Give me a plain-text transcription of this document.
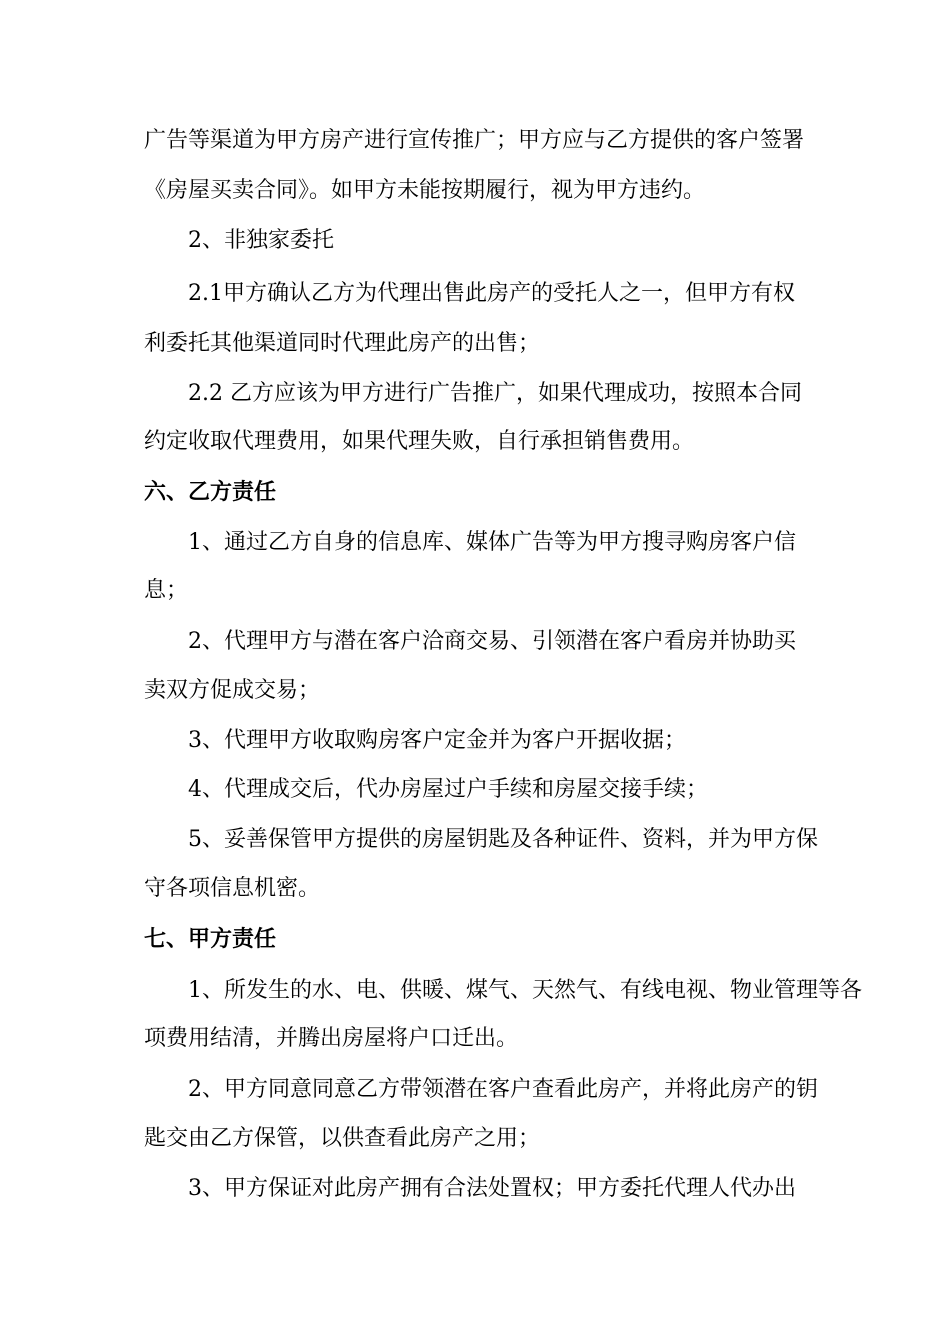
广告等渠道为甲方房产进行宣传推广；甲方应与乙方提供的客户签署
《房屋买卖合同》。如甲方未能按期履行，视为甲方违约。
2、非独家委托
2.1甲方确认乙方为代理出售此房产的受托人之一，但甲方有权
利委托其他渠道同时代理此房产的出售；
2.2 乙方应该为甲方进行广告推广，如果代理成功，按照本合同
约定收取代理费用，如果代理失败，自行承担销售费用。
六、乙方责任
1、通过乙方自身的信息库、媒体广告等为甲方搜寻购房客户信
息；
2、代理甲方与潜在客户洽商交易、引领潜在客户看房并协助买
卖双方促成交易；
3、代理甲方收取购房客户定金并为客户开据收据；
4、代理成交后，代办房屋过户手续和房屋交接手续；
5、妥善保管甲方提供的房屋钥匙及各种证件、资料，并为甲方保
守各项信息机密。
七、甲方责任
1、所发生的水、电、供暖、煤气、天然气、有线电视、物业管理等各
项费用结清，并腾出房屋将户口迁出。
2、甲方同意同意乙方带领潜在客户查看此房产，并将此房产的钥
匙交由乙方保管，以供查看此房产之用；
3、甲方保证对此房产拥有合法处置权；甲方委托代理人代办出
